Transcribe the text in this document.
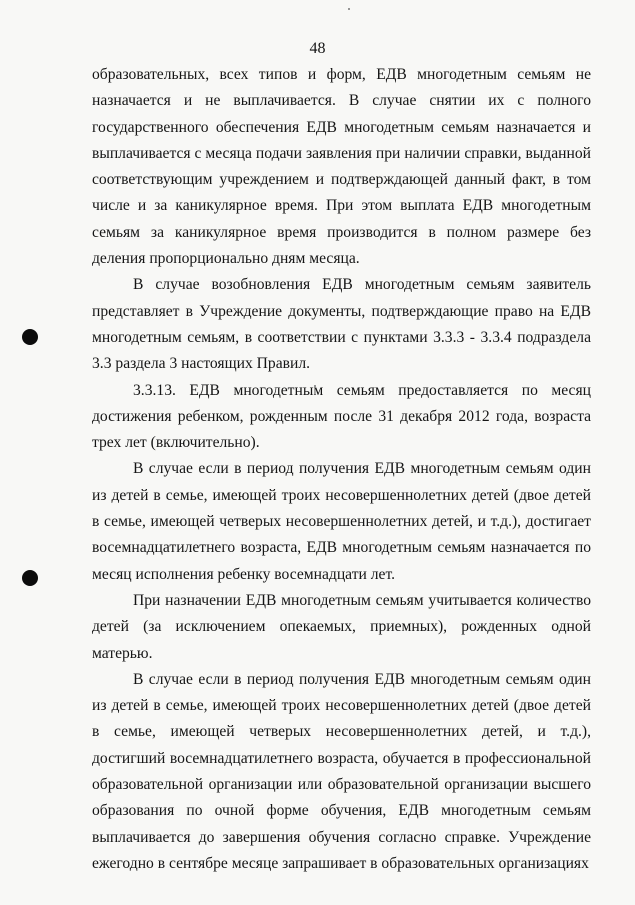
48

образовательных, всех типов и форм, ЕДВ многодетным семьям не назначается и не выплачивается. В случае снятии их с полного государственного обеспечения ЕДВ многодетным семьям назначается и выплачивается с месяца подачи заявления при наличии справки, выданной соответствующим учреждением и подтверждающей данный факт, в том числе и за каникулярное время. При этом выплата ЕДВ многодетным семьям за каникулярное время производится в полном размере без деления пропорционально дням месяца.

В случае возобновления ЕДВ многодетным семьям заявитель представляет в Учреждение документы, подтверждающие право на ЕДВ многодетным семьям, в соответствии с пунктами 3.3.3 - 3.3.4 подраздела 3.3 раздела 3 настоящих Правил.

3.3.13. ЕДВ многодетным семьям предоставляется по месяц достижения ребенком, рожденным после 31 декабря 2012 года, возраста трех лет (включительно).

В случае если в период получения ЕДВ многодетным семьям один из детей в семье, имеющей троих несовершеннолетних детей (двое детей в семье, имеющей четверых несовершеннолетних детей, и т.д.), достигает восемнадцатилетнего возраста, ЕДВ многодетным семьям назначается по месяц исполнения ребенку восемнадцати лет.

При назначении ЕДВ многодетным семьям учитывается количество детей (за исключением опекаемых, приемных), рожденных одной матерью.

В случае если в период получения ЕДВ многодетным семьям один из детей в семье, имеющей троих несовершеннолетних детей (двое детей в семье, имеющей четверых несовершеннолетних детей, и т.д.), достигший восемнадцатилетнего возраста, обучается в профессиональной образовательной организации или образовательной организации высшего образования по очной форме обучения, ЕДВ многодетным семьям выплачивается до завершения обучения согласно справке. Учреждение ежегодно в сентябре месяце запрашивает в образовательных организациях
